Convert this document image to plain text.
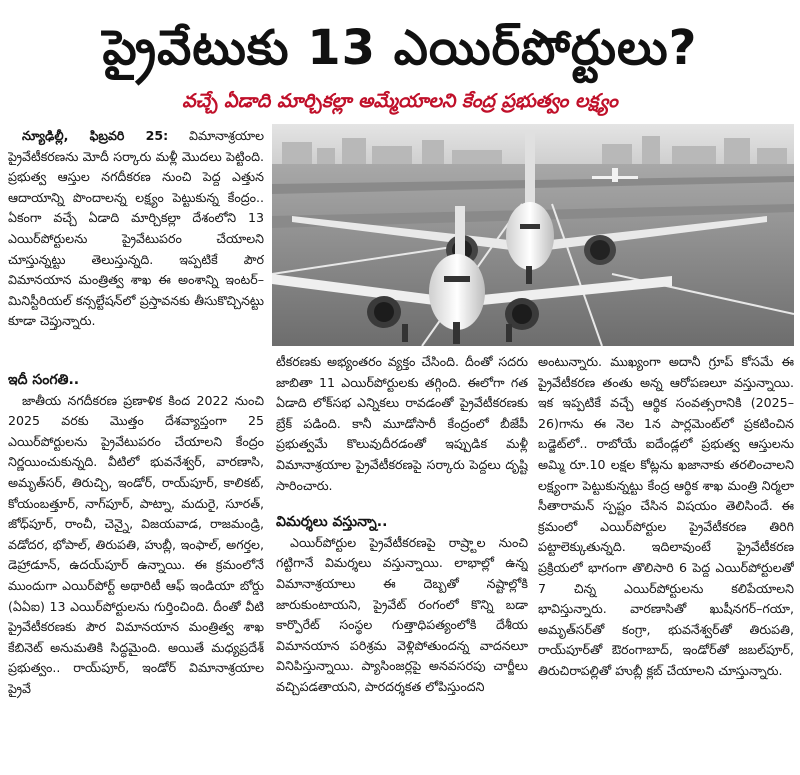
ప్రైవేటుకు 13 ఎయిర్‌పోర్టులు?
వచ్చే ఏడాది మార్చికల్లా అమ్మేయాలని కేంద్ర ప్రభుత్వం లక్ష్యం

న్యూఢిల్లీ, ఫిబ్రవరి 25: విమానాశ్రయాల ప్రైవేటీకరణను మోదీ సర్కారు మళ్లీ మొదలు పెట్టింది. ప్రభుత్వ ఆస్తుల నగదీకరణ నుంచి పెద్ద ఎత్తున ఆదాయాన్ని పొందాలన్న లక్ష్యం పెట్టుకున్న కేంద్రం.. ఏకంగా వచ్చే ఏడాది మార్చికల్లా దేశంలోని 13 ఎయిర్‌పోర్టులను ప్రైవేటుపరం చేయాలని చూస్తున్నట్టు తెలుస్తున్నది. ఇప్పటికే పౌర విమానయాన మంత్రిత్వ శాఖ ఈ అంశాన్ని ఇంటర్‌–మినిస్టీరియల్‌ కన్సల్టేషన్‌లో ప్రస్తావనకు తీసుకొచ్చినట్టు కూడా చెప్తున్నారు.

ఇదీ సంగతి..

జాతీయ నగదీకరణ ప్రణాళిక కింద 2022 నుంచి 2025 వరకు మొత్తం దేశవ్యాప్తంగా 25 ఎయిర్‌పోర్టులను ప్రైవేటుపరం చేయాలని కేంద్రం నిర్ణయించుకున్నది. వీటిలో భువనేశ్వర్‌, వారణాసి, అమృత్‌సర్‌, తిరుచ్చి, ఇండోర్‌, రాయ్‌పూర్‌, కాలికట్‌, కోయంబత్తూర్‌, నాగ్‌పూర్‌, పాట్నా, మదురై, సూరత్‌, జోధ్‌పూర్‌, రాంచీ, చెన్నై, విజయవాడ, రాజమండ్రి, వడోదర, భోపాల్‌, తిరుపతి, హుబ్లీ, ఇంఫాల్‌, అగర్తల, డెహ్రాడూన్‌, ఉదయ్‌పూర్‌ ఉన్నాయి. ఈ క్రమంలోనే ముందుగా ఎయిర్‌పోర్ట్‌ అథారిటీ ఆఫ్‌ ఇండియా బోర్డు (ఏఏఐ) 13 ఎయిర్‌పోర్టులను గుర్తించింది. దీంతో వీటి ప్రైవేటీకరణకు పౌర విమానయాన మంత్రిత్వ శాఖ కేబినెట్‌ అనుమతికి సిద్ధమైంది. అయితే మధ్యప్రదేశ్‌ ప్రభుత్వం.. రాయ్‌పూర్‌, ఇండోర్‌ విమానాశ్రయాల ప్రైవే

టీకరణకు అభ్యంతరం వ్యక్తం చేసింది. దీంతో సదరు జాబితా 11 ఎయిర్‌పోర్టులకు తగ్గింది. ఈలోగా గత ఏడాది లోక్‌సభ ఎన్నికలు రావడంతో ప్రైవేటీకరణకు బ్రేక్‌ పడింది. కానీ మూడోసారీ కేంద్రంలో బీజేపీ ప్రభుత్వమే కొలువుదీరడంతో ఇప్పుడిక మళ్లీ విమానాశ్రయాల ప్రైవేటీకరణపై సర్కారు పెద్దలు దృష్టి సారించారు.

విమర్శలు వస్తున్నా..

ఎయిర్‌పోర్టుల ప్రైవేటీకరణపై రాష్ర్టాల నుంచి గట్టిగానే విమర్శలు వస్తున్నాయి. లాభాల్లో ఉన్న విమానాశ్రయాలు ఈ దెబ్బతో నష్టాల్లోకి జారుకుంటాయని, ప్రైవేట్‌ రంగంలో కొన్ని బడా కార్పొరేట్‌ సంస్థల గుత్తాధిపత్యంలోకి దేశీయ విమానయాన పరిశ్రమ వెళ్లిపోతుందన్న వాదనలూ వినిపిస్తున్నాయి. ప్యాసింజర్లపై అనవసరపు చార్జీలు వచ్చిపడతాయని, పారదర్శకత లోపిస్తుందని

అంటున్నారు. ముఖ్యంగా అదానీ గ్రూప్‌ కోసమే ఈ ప్రైవేటీకరణ తంతు అన్న ఆరోపణలూ వస్తున్నాయి. ఇక ఇప్పటికే వచ్చే ఆర్థిక సంవత్సరానికి (2025–26)గాను ఈ నెల 1న పార్లమెంట్‌లో ప్రకటించిన బడ్జెట్‌లో.. రాబోయే ఐదేండ్లలో ప్రభుత్వ ఆస్తులను అమ్మి రూ.10 లక్షల కోట్లను ఖజానాకు తరలించాలని లక్ష్యంగా పెట్టుకున్నట్టు కేంద్ర ఆర్థిక శాఖ మంత్రి నిర్మలా సీతారామన్‌ స్పష్టం చేసిన విషయం తెలిసిందే. ఈ క్రమంలో ఎయిర్‌పోర్టుల ప్రైవేటీకరణ తిరిగి పట్టాలెక్కుతున్నది. ఇదిలావుంటే ప్రైవేటీకరణ ప్రక్రియలో భాగంగా తొలిసారి 6 పెద్ద ఎయిర్‌పోర్టులతో 7 చిన్న ఎయిర్‌పోర్టులను కలిపేయాలని భావిస్తున్నారు. వారణాసితో ఖుషీనగర్‌–గయా, అమృత్‌సర్‌తో కంగ్రా, భువనేశ్వర్‌తో తిరుపతి, రాయ్‌పూర్‌తో ఔరంగాబాద్‌, ఇండోర్‌తో జబల్‌పూర్‌, తిరుచిరాపల్లితో హుబ్లీ క్లబ్‌ చేయాలని చూస్తున్నారు.
